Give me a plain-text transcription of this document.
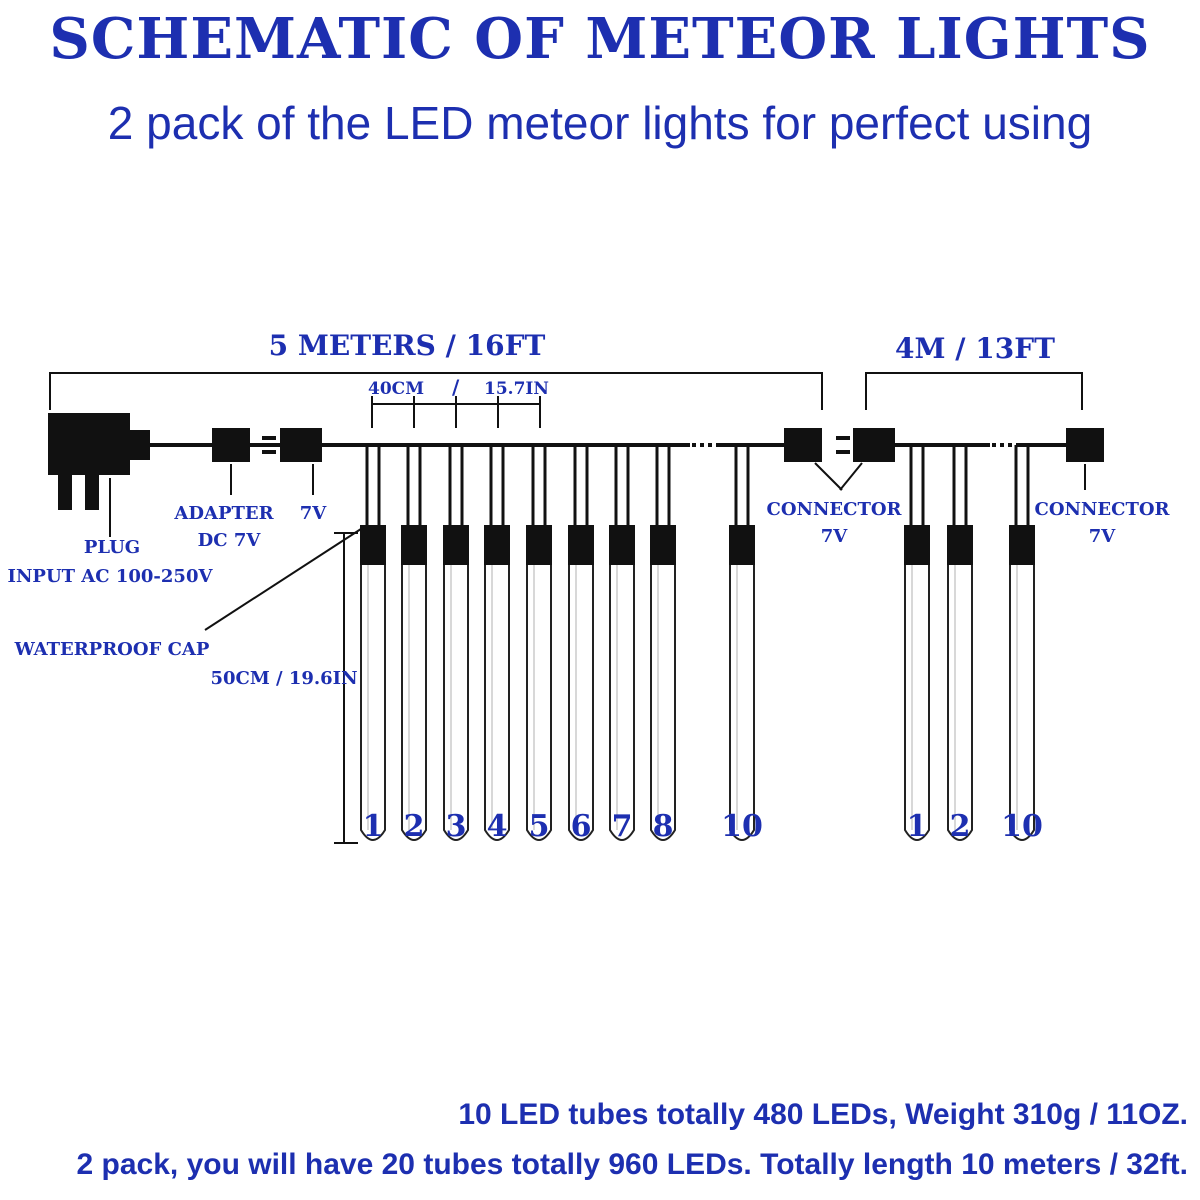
SCHEMATIC OF METEOR LIGHTS
2 pack of the LED meteor lights for perfect using
5 METERS / 16FT	4M / 13FT
40CM / 15.7IN
PLUG
INPUT AC 100-250V
ADAPTER
DC 7V
7V	CONNECTOR
7V
CONNECTOR
7V
50CM / 19.6IN
WATERPROOF CAP
1 2 3 4 5 6 7 8 10	1 2 10
10 LED tubes totally 480 LEDs, Weight 310g / 11OZ.
2 pack, you will have 20 tubes totally 960 LEDs. Totally length 10 meters / 32ft.
